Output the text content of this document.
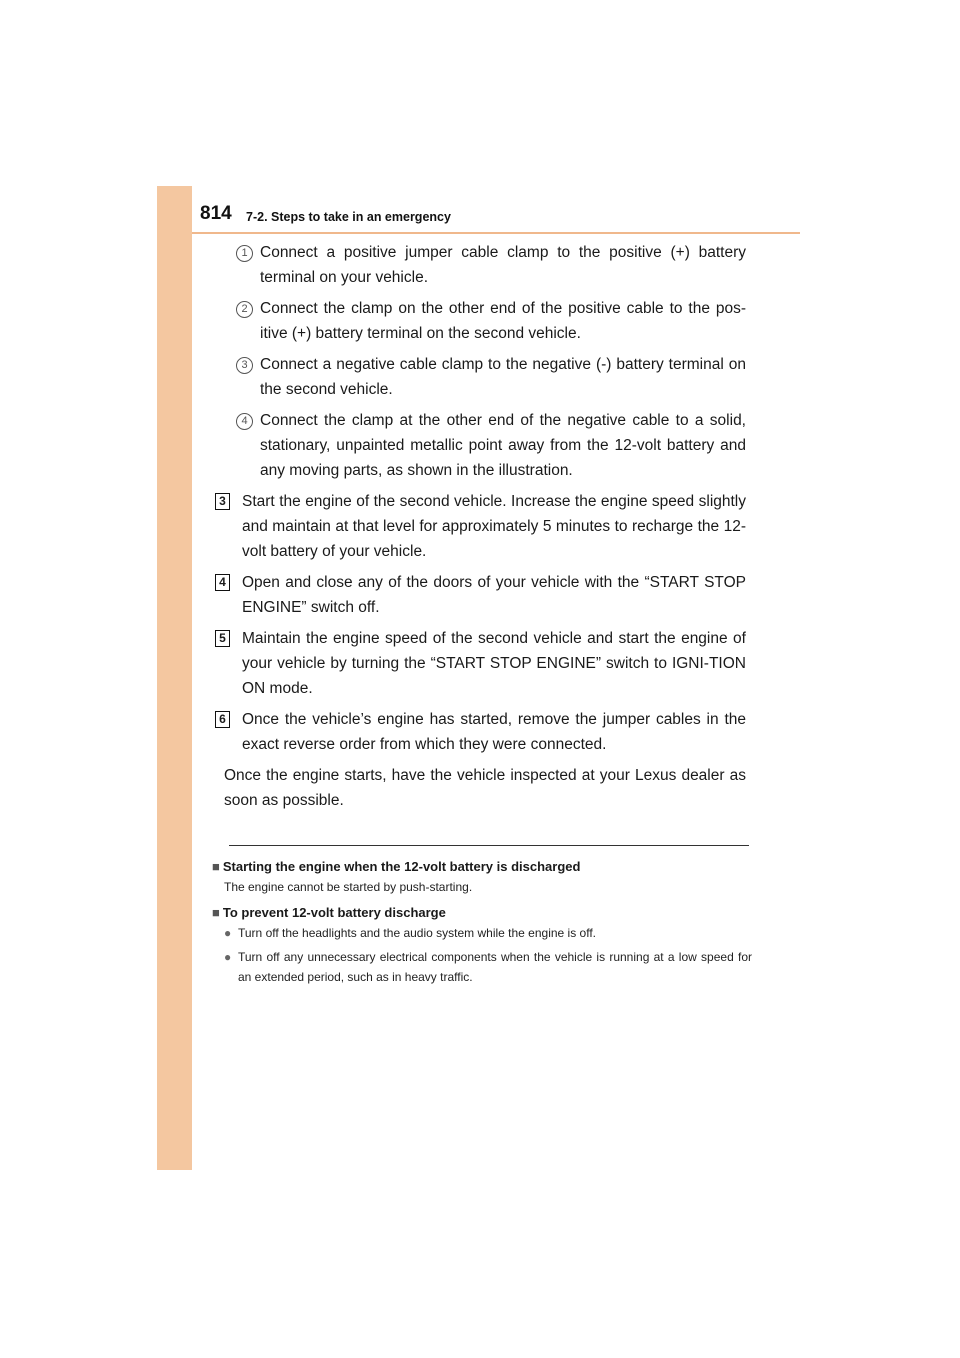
814 7-2. Steps to take in an emergency
1 Connect a positive jumper cable clamp to the positive (+) battery terminal on your vehicle.
2 Connect the clamp on the other end of the positive cable to the pos-itive (+) battery terminal on the second vehicle.
3 Connect a negative cable clamp to the negative (-) battery terminal on the second vehicle.
4 Connect the clamp at the other end of the negative cable to a solid, stationary, unpainted metallic point away from the 12-volt battery and any moving parts, as shown in the illustration.
3 Start the engine of the second vehicle. Increase the engine speed slightly and maintain at that level for approximately 5 minutes to recharge the 12-volt battery of your vehicle.
4 Open and close any of the doors of your vehicle with the “START STOP ENGINE” switch off.
5 Maintain the engine speed of the second vehicle and start the engine of your vehicle by turning the “START STOP ENGINE” switch to IGNI-TION ON mode.
6 Once the vehicle’s engine has started, remove the jumper cables in the exact reverse order from which they were connected.
Once the engine starts, have the vehicle inspected at your Lexus dealer as soon as possible.
■ Starting the engine when the 12-volt battery is discharged
The engine cannot be started by push-starting.
■ To prevent 12-volt battery discharge
● Turn off the headlights and the audio system while the engine is off.
● Turn off any unnecessary electrical components when the vehicle is running at a low speed for an extended period, such as in heavy traffic.
